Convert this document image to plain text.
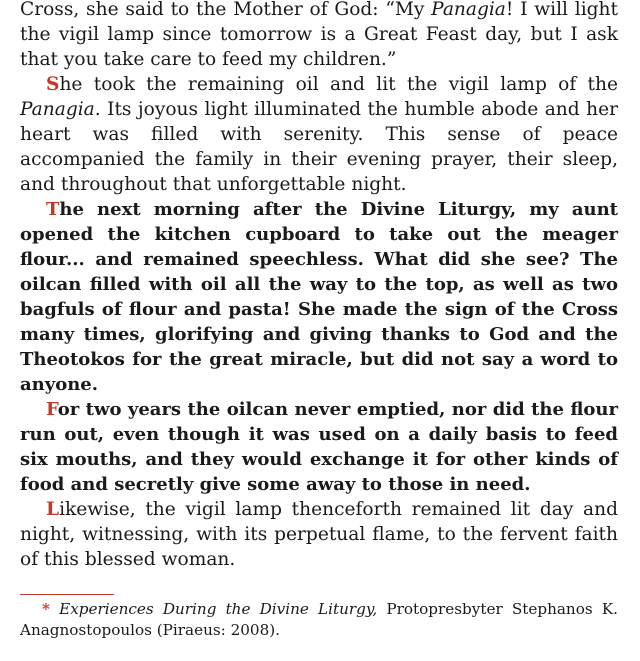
Cross, she said to the Mother of God: “My Panagia! I will light the vigil lamp since tomorrow is a Great Feast day, but I ask that you take care to feed my children.”

She took the remaining oil and lit the vigil lamp of the Panagia. Its joyous light illuminated the humble abode and her heart was filled with serenity. This sense of peace accompanied the family in their evening prayer, their sleep, and throughout that unforgettable night.

The next morning after the Divine Liturgy, my aunt opened the kitchen cupboard to take out the meager flour... and remained speechless. What did she see? The oilcan filled with oil all the way to the top, as well as two bagfuls of flour and pasta! She made the sign of the Cross many times, glorifying and giving thanks to God and the Theotokos for the great miracle, but did not say a word to anyone.

For two years the oilcan never emptied, nor did the flour run out, even though it was used on a daily basis to feed six mouths, and they would exchange it for other kinds of food and secretly give some away to those in need.

Likewise, the vigil lamp thenceforth remained lit day and night, witnessing, with its perpetual flame, to the fervent faith of this blessed woman.

* Experiences During the Divine Liturgy, Protopresbyter Stephanos K. Anagnostopoulos (Piraeus: 2008).
